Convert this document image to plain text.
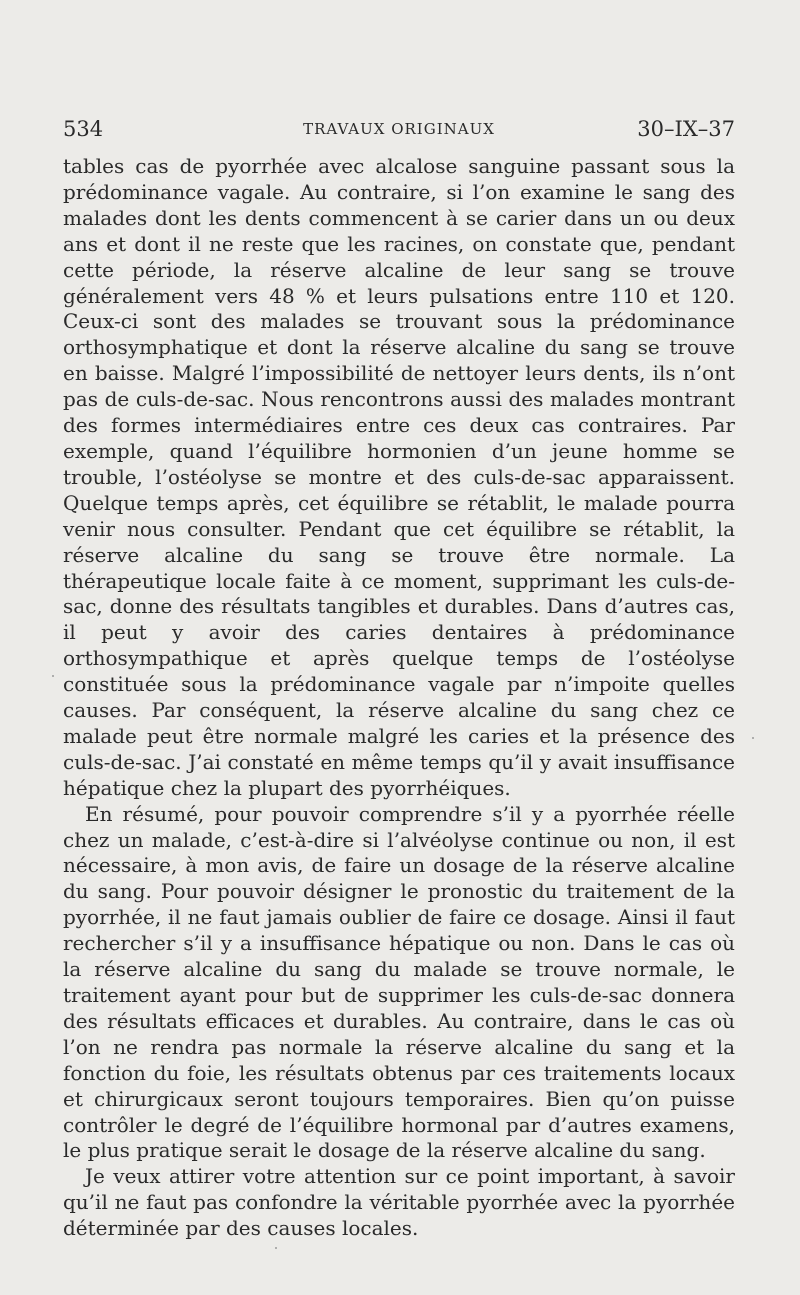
534	TRAVAUX ORIGINAUX	30–IX–37

tables cas de pyorrhée avec alcalose sanguine passant sous la prédominance vagale. Au contraire, si l’on examine le sang des malades dont les dents commencent à se carier dans un ou deux ans et dont il ne reste que les racines, on constate que, pendant cette période, la réserve alcaline de leur sang se trouve généralement vers 48 % et leurs pulsations entre 110 et 120. Ceux-ci sont des malades se trouvant sous la prédominance orthosymphatique et dont la réserve alcaline du sang se trouve en baisse. Malgré l’impossibilité de nettoyer leurs dents, ils n’ont pas de culs-de-sac. Nous rencontrons aussi des malades montrant des formes intermédiaires entre ces deux cas contraires. Par exemple, quand l’équilibre hormonien d’un jeune homme se trouble, l’ostéolyse se montre et des culs-de-sac apparaissent. Quelque temps après, cet équilibre se rétablit, le malade pourra venir nous consulter. Pendant que cet équilibre se rétablit, la réserve alcaline du sang se trouve être normale. La thérapeutique locale faite à ce moment, supprimant les culs-de-sac, donne des résultats tangibles et durables. Dans d’autres cas, il peut y avoir des caries dentaires à prédominance orthosympathique et après quelque temps de l’ostéolyse constituée sous la prédominance vagale par n’impoite quelles causes. Par conséquent, la réserve alcaline du sang chez ce malade peut être normale malgré les caries et la présence des culs-de-sac. J’ai constaté en même temps qu’il y avait insuffisance hépatique chez la plupart des pyorrhéiques.

En résumé, pour pouvoir comprendre s’il y a pyorrhée réelle chez un malade, c’est-à-dire si l’alvéolyse continue ou non, il est nécessaire, à mon avis, de faire un dosage de la réserve alcaline du sang. Pour pouvoir désigner le pronostic du traitement de la pyorrhée, il ne faut jamais oublier de faire ce dosage. Ainsi il faut rechercher s’il y a insuffisance hépatique ou non. Dans le cas où la réserve alcaline du sang du malade se trouve normale, le traitement ayant pour but de supprimer les culs-de-sac donnera des résultats efficaces et durables. Au contraire, dans le cas où l’on ne rendra pas normale la réserve alcaline du sang et la fonction du foie, les résultats obtenus par ces traitements locaux et chirurgicaux seront toujours temporaires. Bien qu’on puisse contrôler le degré de l’équilibre hormonal par d’autres examens, le plus pratique serait le dosage de la réserve alcaline du sang.

Je veux attirer votre attention sur ce point important, à savoir qu’il ne faut pas confondre la véritable pyorrhée avec la pyorrhée déterminée par des causes locales.
